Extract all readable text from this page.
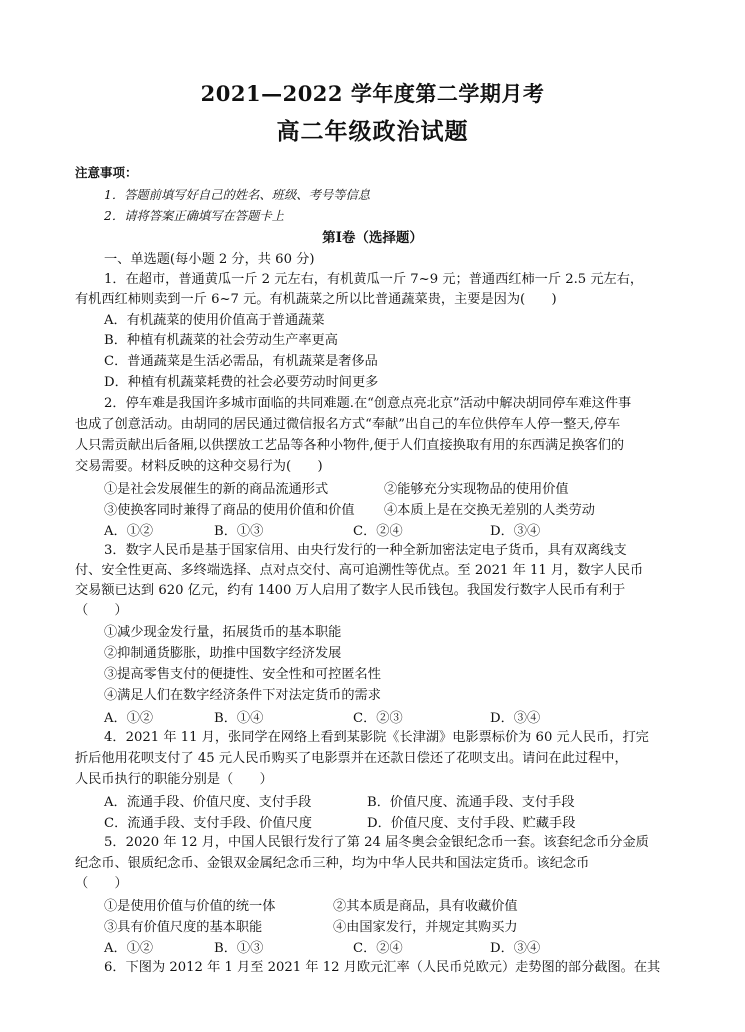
2021—2022 学年度第二学期月考
高二年级政治试题
注意事项：
1．答题前填写好自己的姓名、班级、考号等信息
2．请将答案正确填写在答题卡上
第Ⅰ卷（选择题）
一、单选题(每小题 2 分，共 60 分)
1．在超市，普通黄瓜一斤 2 元左右，有机黄瓜一斤 7~9 元；普通西红柿一斤 2.5 元左右，
有机西红柿则卖到一斤 6~7 元。有机蔬菜之所以比普通蔬菜贵，主要是因为(　　)
A．有机蔬菜的使用价值高于普通蔬菜
B．种植有机蔬菜的社会劳动生产率更高
C．普通蔬菜是生活必需品，有机蔬菜是奢侈品
D．种植有机蔬菜耗费的社会必要劳动时间更多
2．停车难是我国许多城市面临的共同难题.在“创意点亮北京”活动中解决胡同停车难这件事
也成了创意活动。由胡同的居民通过微信报名方式“奉献”出自己的车位供停车人停一整天,停车
人只需贡献出后备厢,以供摆放工艺品等各种小物件,便于人们直接换取有用的东西满足换客们的
交易需要。材料反映的这种交易行为(　　)
①是社会发展催生的新的商品流通形式	②能够充分实现物品的使用价值
③使换客同时兼得了商品的使用价值和价值 ④本质上是在交换无差别的人类劳动
A．①②	B．①③	C．②④	D．③④
3．数字人民币是基于国家信用、由央行发行的一种全新加密法定电子货币，具有双离线支
付、安全性更高、多终端选择、点对点交付、高可追溯性等优点。至 2021 年 11 月，数字人民币
交易额已达到 620 亿元，约有 1400 万人启用了数字人民币钱包。我国发行数字人民币有利于
（　　）
①减少现金发行量，拓展货币的基本职能
②抑制通货膨胀，助推中国数字经济发展
③提高零售支付的便捷性、安全性和可控匿名性
④满足人们在数字经济条件下对法定货币的需求
A．①②	B．①④	C．②③	D．③④
4．2021 年 11 月，张同学在网络上看到某影院《长津湖》电影票标价为 60 元人民币，打完
折后他用花呗支付了 45 元人民币购买了电影票并在还款日偿还了花呗支出。请问在此过程中，
人民币执行的职能分别是（　　）
A．流通手段、价值尺度、支付手段	B．价值尺度、流通手段、支付手段
C．流通手段、支付手段、价值尺度	D．价值尺度、支付手段、贮藏手段
5．2020 年 12 月，中国人民银行发行了第 24 届冬奥会金银纪念币一套。该套纪念币分金质
纪念币、银质纪念币、金银双金属纪念币三种，均为中华人民共和国法定货币。该纪念币
（　　）
①是使用价值与价值的统一体	②其本质是商品，具有收藏价值
③具有价值尺度的基本职能	④由国家发行，并规定其购买力
A．①②	B．①③	C．②④	D．③④
6．下图为 2012 年 1 月至 2021 年 12 月欧元汇率（人民币兑欧元）走势图的部分截图。在其
